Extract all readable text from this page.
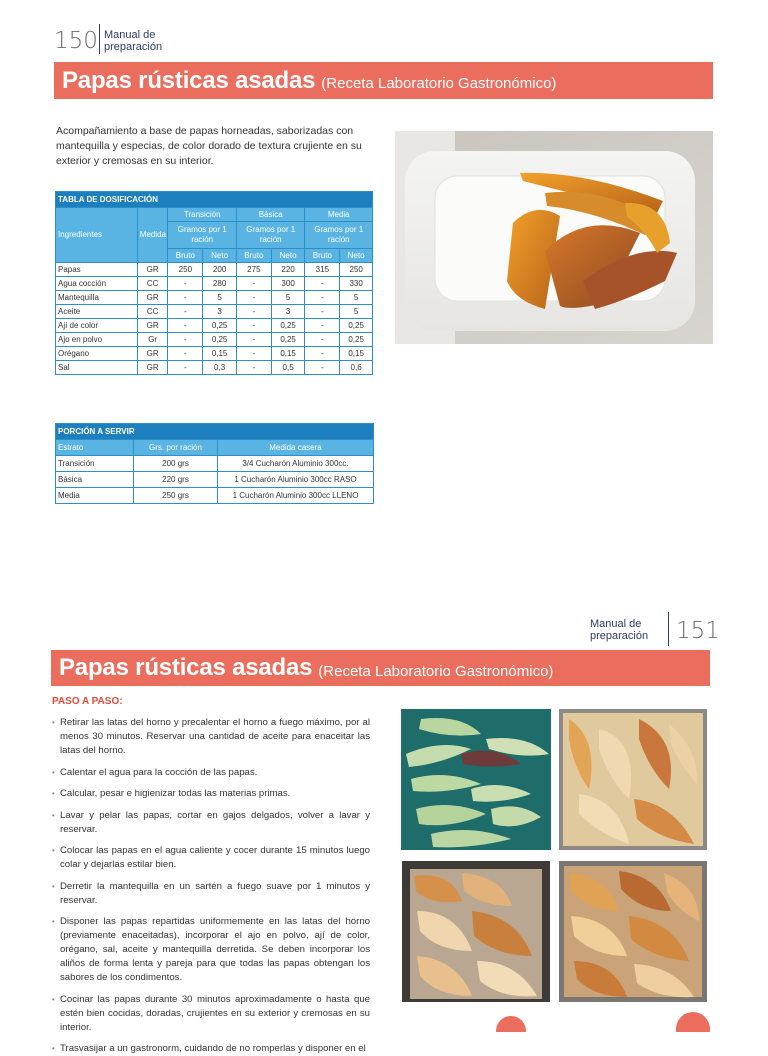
150 Manual de
preparación
Papas rústicas asadas (Receta Laboratorio Gastronómico)
Acompañamiento a base de papas horneadas, saborizadas con mantequilla y especias, de color dorado de textura crujiente en su exterior y cremosas en su interior.
TABLA DE DOSIFICACIÓN							
Ingredientes	Medida	Transición		Básica		Media	
		Gramos por 1 ración		Gramos por 1 ración		Gramos por 1 ración	
		Bruto	Neto	Bruto	Neto	Bruto	Neto
Papas	GR	250	200	275	220	315	250
Agua cocción	CC	-	280	-	300	-	330
Mantequilla	GR	-	5	-	5	-	5
Aceite	CC	-	3	-	3	-	5
Ají de color	GR	-	0,25	-	0,25	-	0,25
Ajo en polvo	Gr	-	0,25	-	0,25	-	0,25
Orégano	GR	-	0,15	-	0,15	-	0,15
Sal	GR	-	0,3	-	0,5	-	0,6
PORCIÓN A SERVIR		
Estrato	Grs. por ración	Medida casera
Transición	200 grs	3/4 Cucharón Aluminio 300cc.
Básica	220 grs	1 Cucharón Aluminio 300cc RASO
Media	250 grs	1 Cucharón Aluminio 300cc LLENO
Manual de
preparación 151
Papas rústicas asadas (Receta Laboratorio Gastronómico)
PASO A PASO:
• Retirar las latas del horno y precalentar el horno a fuego máximo, por al menos 30 minutos. Reservar una cantidad de aceite para enaceitar las latas del horno.
• Calentar el agua para la cocción de las papas.
• Calcular, pesar e higienizar todas las materias primas.
• Lavar y pelar las papas, cortar en gajos delgados, volver a lavar y reservar.
• Colocar las papas en el agua caliente y cocer durante 15 minutos luego colar y dejarlas estilar bien.
• Derretir la mantequilla en un sartén a fuego suave por 1 minutos y reservar.
• Disponer las papas repartidas uniformemente en las latas del horno (previamente enaceitadas), incorporar el ajo en polvo, ají de color, orégano, sal, aceite y mantequilla derretida. Se deben incorporar los aliños de forma lenta y pareja para que todas las papas obtengan los sabores de los condimentos.
• Cocinar las papas durante 30 minutos aproximadamente o hasta que estén bien cocidas, doradas, crujientes en su exterior y cremosas en su interior.
• Trasvasijar a un gastronorm, cuidando de no romperlas y disponer en el
